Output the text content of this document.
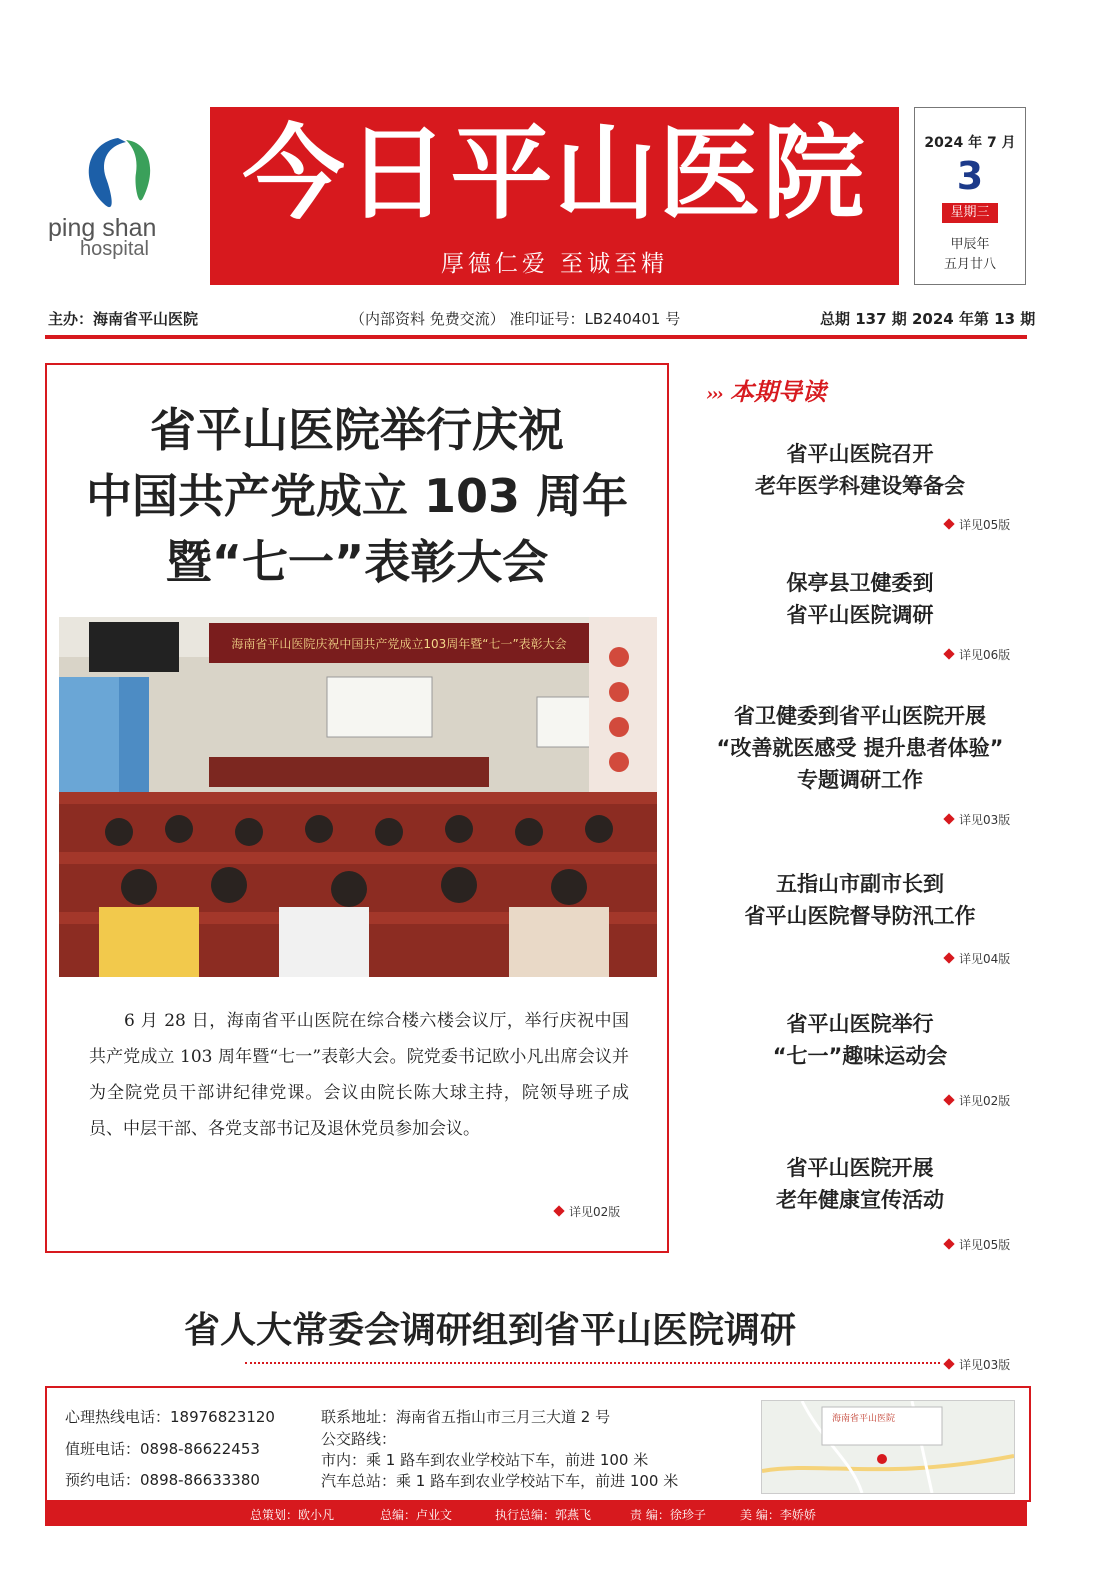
ping shan
hospital
今日平山医院
厚德仁爱 至诚至精
2024 年 7 月
3
星期三
甲辰年
五月廿八
主办：海南省平山医院	（内部资料 免费交流） 准印证号：LB240401 号	总期 137 期 2024 年第 13 期
省平山医院举行庆祝
中国共产党成立 103 周年
暨“七一”表彰大会
海南省平山医院庆祝中国共产党成立103周年暨“七一”表彰大会
　　6 月 28 日，海南省平山医院在综合楼六楼会议厅，举行庆祝中国共产党成立 103 周年暨“七一”表彰大会。院党委书记欧小凡出席会议并为全院党员干部讲纪律党课。会议由院长陈大球主持，院领导班子成员、中层干部、各党支部书记及退休党员参加会议。
详见02版
››› 本期导读
省平山医院召开
老年医学科建设筹备会
详见05版
保亭县卫健委到
省平山医院调研
详见06版
省卫健委到省平山医院开展
“改善就医感受 提升患者体验”
专题调研工作
详见03版
五指山市副市长到
省平山医院督导防汛工作
详见04版
省平山医院举行
“七一”趣味运动会
详见02版
省平山医院开展
老年健康宣传活动
详见05版
省人大常委会调研组到省平山医院调研
详见03版
心理热线电话：18976823120
值班电话：0898-86622453
预约电话：0898-86633380
联系地址：海南省五指山市三月三大道 2 号
公交路线：
市内：乘 1 路车到农业学校站下车，前进 100 米
汽车总站：乘 1 路车到农业学校站下车，前进 100 米
海南省平山医院
总策划：欧小凡	总编：卢业文	执行总编：郭燕飞	责 编：徐珍子	美 编：李娇娇
